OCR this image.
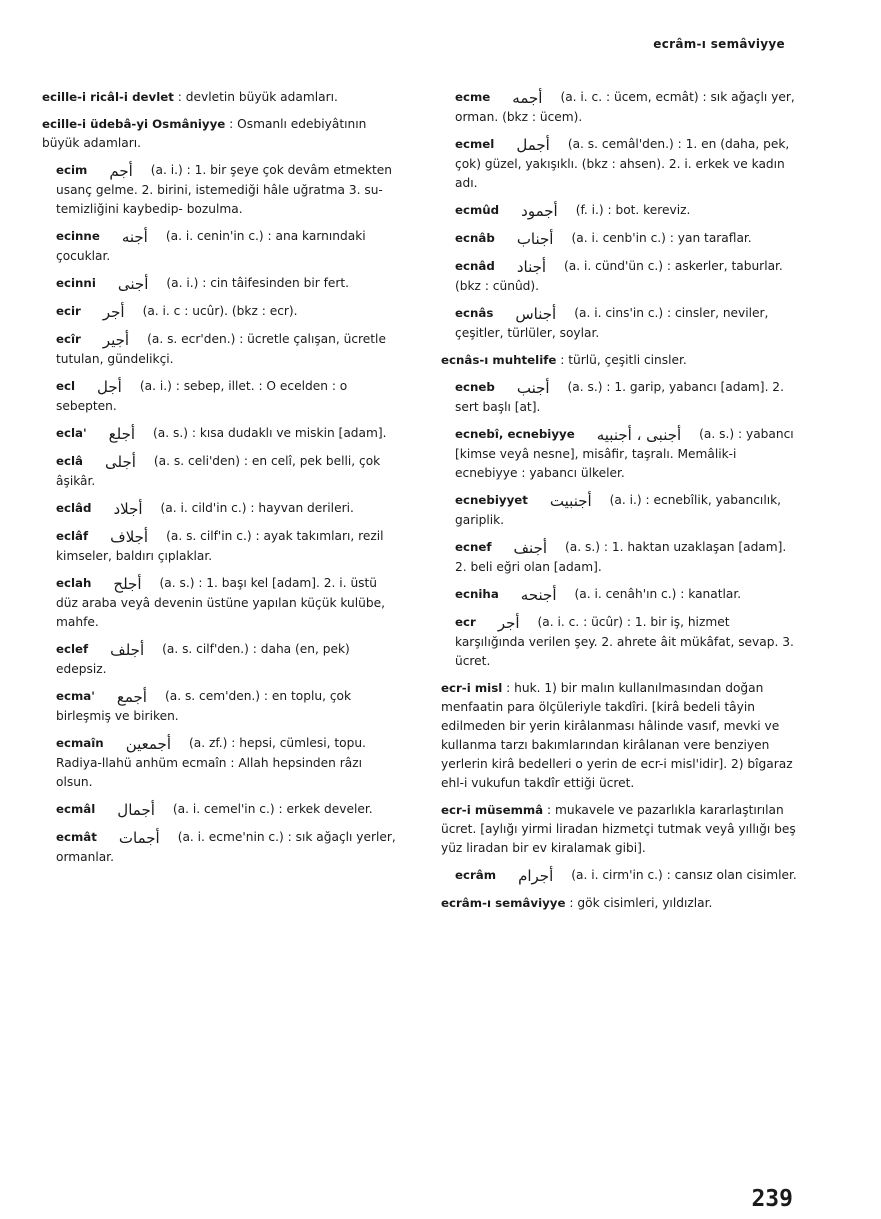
ecrâm-ı semâviyye

ecille-i ricâl-i devlet : devletin büyük adamları.

ecille-i üdebâ-yi Osmâniyye : Osmanlı edebiyâtının büyük adamları.

ecim أجم (a. i.) : 1. bir şeye çok devâm etmekten usanç gelme. 2. birini, istemediği hâle uğratma 3. su-temizliğini kaybedip- bozulma.

ecinne أجنه (a. i. cenin'in c.) : ana karnındaki çocuklar.

ecinni أجنى (a. i.) : cin tâifesinden bir fert.

ecir أجر (a. i. c : ucûr). (bkz : ecr).

ecîr أجير (a. s. ecr'den.) : ücretle çalışan, ücretle tutulan, gündelikçi.

ecl أجل (a. i.) : sebep, illet. : O ecelden : o sebepten.

ecla' أجلع (a. s.) : kısa dudaklı ve miskin [adam].

eclâ أجلى (a. s. celi'den) : en celî, pek belli, çok âşikâr.

eclâd أجلاد (a. i. cild'in c.) : hayvan derileri.

eclâf أجلاف (a. s. cilf'in c.) : ayak takımları, rezil kimseler, baldırı çıplaklar.

eclah أجلح (a. s.) : 1. başı kel [adam]. 2. i. üstü düz araba veyâ devenin üstüne yapılan küçük kulübe, mahfe.

eclef أجلف (a. s. cilf'den.) : daha (en, pek) edepsiz.

ecma' أجمع (a. s. cem'den.) : en toplu, çok birleşmiş ve biriken.

ecmaîn أجمعين (a. zf.) : hepsi, cümlesi, topu. Radiya-llahü anhüm ecmaîn : Allah hepsinden râzı olsun.

ecmâl أجمال (a. i. cemel'in c.) : erkek develer.

ecmât أجمات (a. i. ecme'nin c.) : sık ağaçlı yerler, ormanlar.

ecme أجمه (a. i. c. : ücem, ecmât) : sık ağaçlı yer, orman. (bkz : ücem).

ecmel أجمل (a. s. cemâl'den.) : 1. en (daha, pek, çok) güzel, yakışıklı. (bkz : ahsen). 2. i. erkek ve kadın adı.

ecmûd أجمود (f. i.) : bot. kereviz.

ecnâb أجناب (a. i. cenb'in c.) : yan taraflar.

ecnâd أجناد (a. i. cünd'ün c.) : askerler, taburlar. (bkz : cünûd).

ecnâs أجناس (a. i. cins'in c.) : cinsler, neviler, çeşitler, türlüler, soylar.

ecnâs-ı muhtelife : türlü, çeşitli cinsler.

ecneb أجنب (a. s.) : 1. garip, yabancı [adam]. 2. sert başlı [at].

ecnebî, ecnebiyye أجنبى ، أجنبيه (a. s.) : yabancı [kimse veyâ nesne], misâfir, taşralı. Memâlik-i ecnebiyye : yabancı ülkeler.

ecnebiyyet أجنبيت (a. i.) : ecnebîlik, yabancılık, gariplik.

ecnef أجنف (a. s.) : 1. haktan uzaklaşan [adam]. 2. beli eğri olan [adam].

ecniha أجنحه (a. i. cenâh'ın c.) : kanatlar.

ecr أجر (a. i. c. : ücûr) : 1. bir iş, hizmet karşılığında verilen şey. 2. ahrete âit mükâfat, sevap. 3. ücret.

ecr-i misl : huk. 1) bir malın kullanılmasından doğan menfaatin para ölçüleriyle takdîri. [kirâ bedeli tâyin edilmeden bir yerin kirâlanması hâlinde vasıf, mevki ve kullanma tarzı bakımlarından kirâlanan vere benziyen yerlerin kirâ bedelleri o yerin de ecr-i misl'idir]. 2) bîgaraz ehl-i vukufun takdîr ettiği ücret.

ecr-i müsemmâ : mukavele ve pazarlıkla kararlaştırılan ücret. [aylığı yirmi liradan hizmetçi tutmak veyâ yıllığı beş yüz liradan bir ev kiralamak gibi].

ecrâm أجرام (a. i. cirm'in c.) : cansız olan cisimler.

ecrâm-ı semâviyye : gök cisimleri, yıldızlar.

239
